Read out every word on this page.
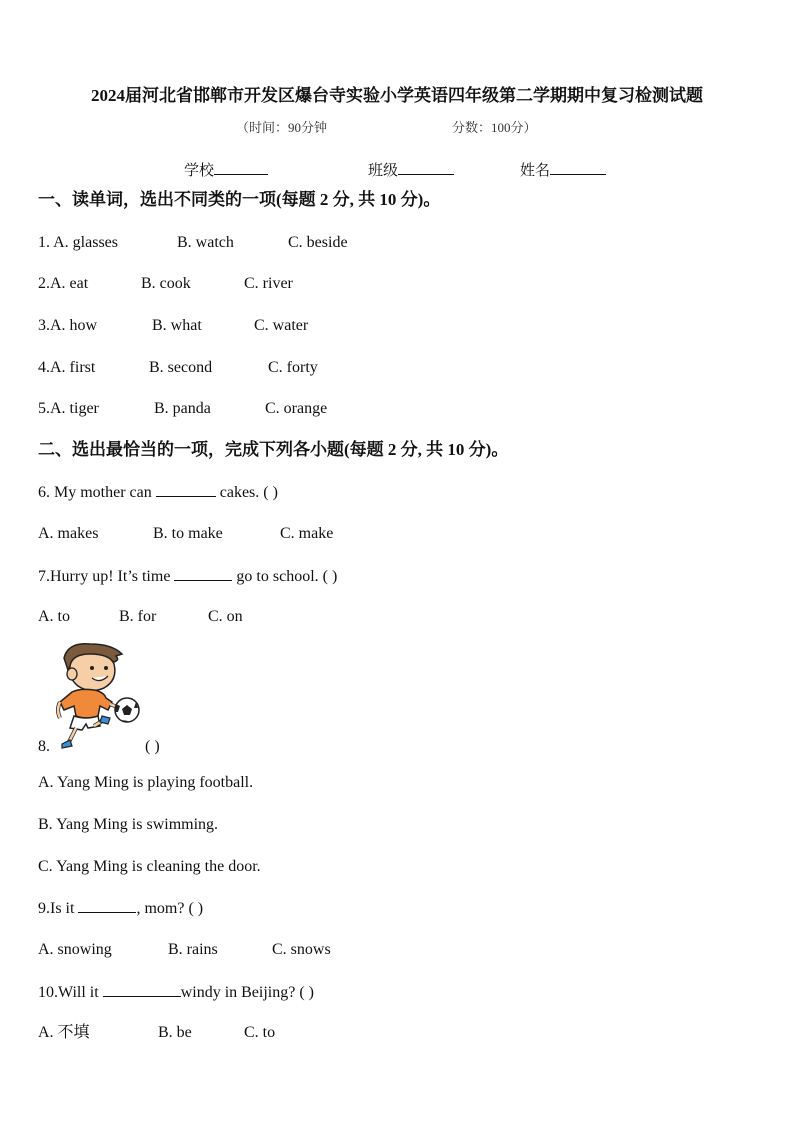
2024届河北省邯郸市开发区爆台寺实验小学英语四年级第二学期期中复习检测试题
（时间：90分钟	分数：100分）
学校	班级	姓名
一、读单词，选出不同类的一项(每题 2 分, 共 10 分)。
1. A. glasses	B. watch	C. beside
2.A. eat	B. cook	C. river
3.A. how	B. what	C. water
4.A. first	B. second	C. forty
5.A. tiger	B. panda	C. orange
二、选出最恰当的一项，完成下列各小题(每题 2 分, 共 10 分)。
6. My mother can	cakes. ( )
A. makes	B. to make	C. make
7.Hurry up! It’s time	go to school. ( )
A. to	B. for	C. on
8.	( )
A. Yang Ming is playing football.
B. Yang Ming is swimming.
C. Yang Ming is cleaning the door.
9.Is it	, mom? ( )
A. snowing	B. rains	C. snows
10.Will it	windy in Beijing? ( )
A. 不填	B. be	C. to
